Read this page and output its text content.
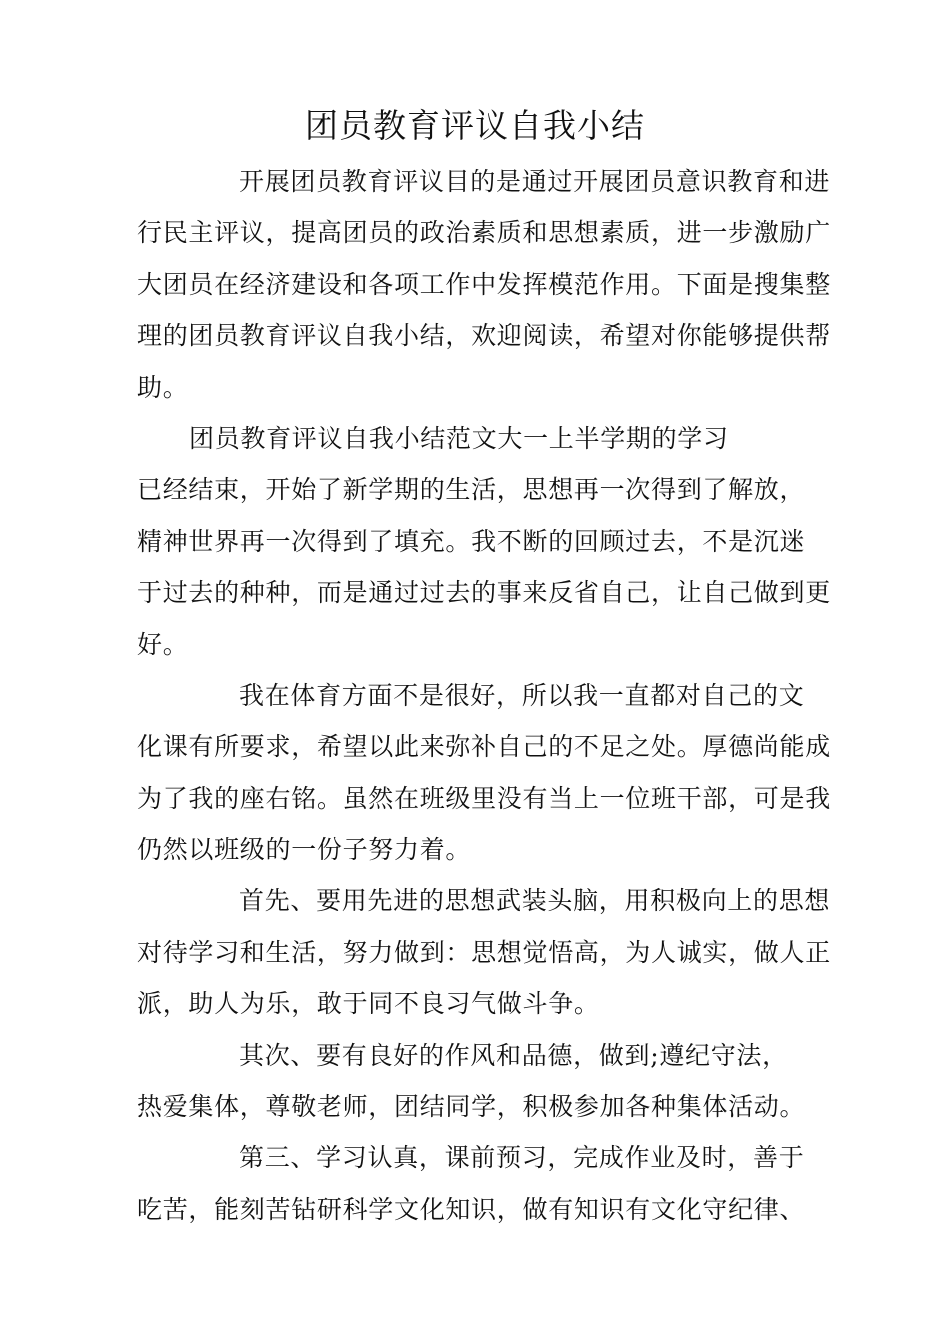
团员教育评议自我小结
开展团员教育评议目的是通过开展团员意识教育和进
行民主评议，提高团员的政治素质和思想素质，进一步激励广
大团员在经济建设和各项工作中发挥模范作用。下面是搜集整
理的团员教育评议自我小结，欢迎阅读，希望对你能够提供帮
助。
团员教育评议自我小结范文大一上半学期的学习
已经结束，开始了新学期的生活，思想再一次得到了解放，
精神世界再一次得到了填充。我不断的回顾过去，不是沉迷
于过去的种种，而是通过过去的事来反省自己，让自己做到更
好。
我在体育方面不是很好，所以我一直都对自己的文
化课有所要求，希望以此来弥补自己的不足之处。厚德尚能成
为了我的座右铭。虽然在班级里没有当上一位班干部，可是我
仍然以班级的一份子努力着。
首先、要用先进的思想武装头脑，用积极向上的思想
对待学习和生活，努力做到：思想觉悟高，为人诚实，做人正
派，助人为乐，敢于同不良习气做斗争。
其次、要有良好的作风和品德，做到;遵纪守法，
热爱集体，尊敬老师，团结同学，积极参加各种集体活动。
第三、学习认真，课前预习，完成作业及时，善于
吃苦，能刻苦钻研科学文化知识，做有知识有文化守纪律、
